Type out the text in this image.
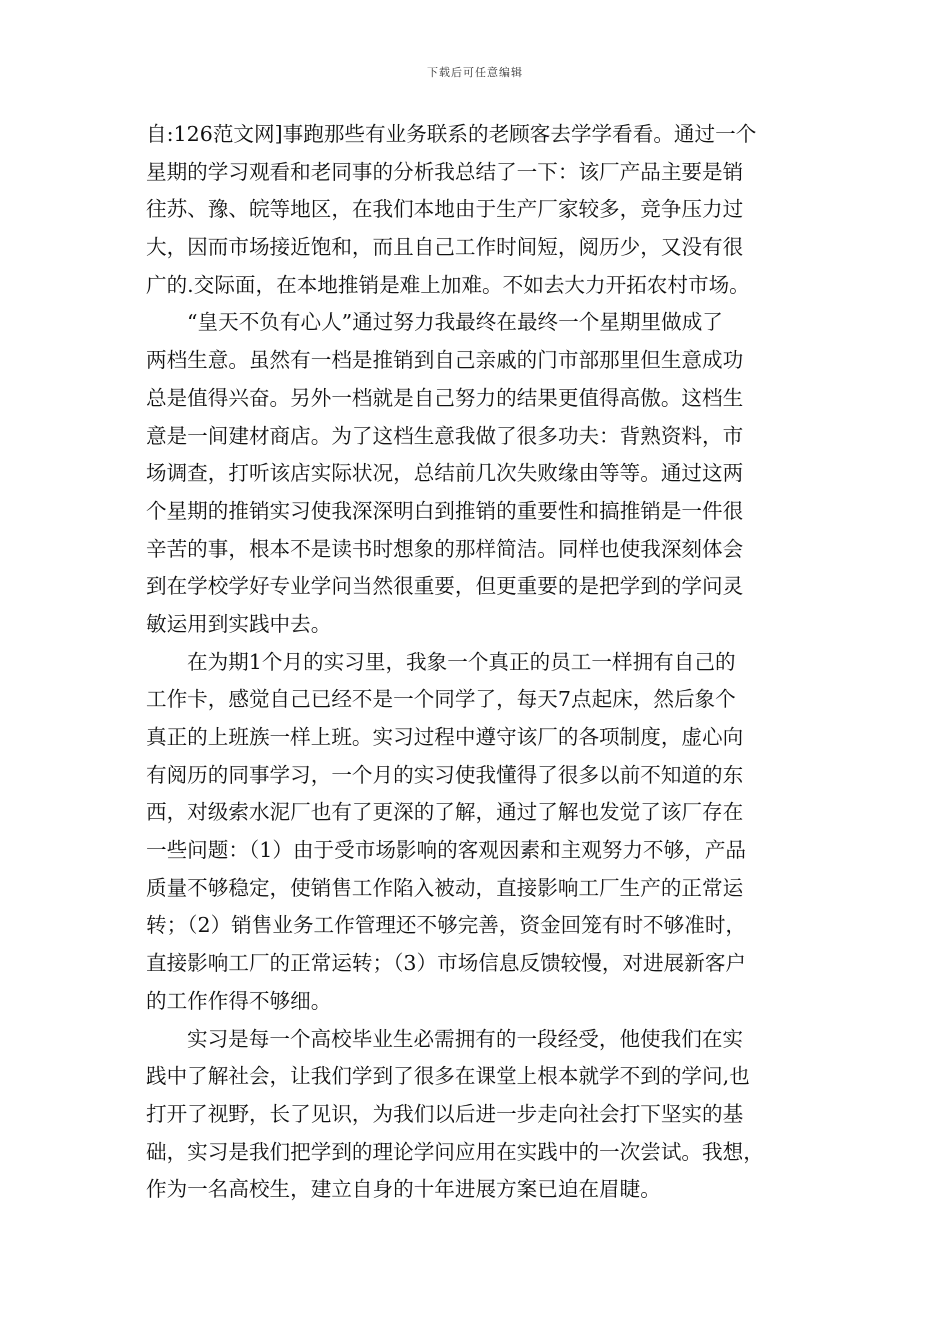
下载后可任意编辑
自:126范文网]事跑那些有业务联系的老顾客去学学看看。通过一个
星期的学习观看和老同事的分析我总结了一下：该厂产品主要是销
往苏、豫、皖等地区，在我们本地由于生产厂家较多，竞争压力过
大，因而市场接近饱和，而且自己工作时间短，阅历少，又没有很
广的.交际面，在本地推销是难上加难。不如去大力开拓农村市场。
“皇天不负有心人”通过努力我最终在最终一个星期里做成了
两档生意。虽然有一档是推销到自己亲戚的门市部那里但生意成功
总是值得兴奋。另外一档就是自己努力的结果更值得高傲。这档生
意是一间建材商店。为了这档生意我做了很多功夫：背熟资料，市
场调查，打听该店实际状况，总结前几次失败缘由等等。通过这两
个星期的推销实习使我深深明白到推销的重要性和搞推销是一件很
辛苦的事，根本不是读书时想象的那样简洁。同样也使我深刻体会
到在学校学好专业学问当然很重要，但更重要的是把学到的学问灵
敏运用到实践中去。
在为期1个月的实习里，我象一个真正的员工一样拥有自己的
工作卡，感觉自己已经不是一个同学了，每天7点起床，然后象个
真正的上班族一样上班。实习过程中遵守该厂的各项制度，虚心向
有阅历的同事学习，一个月的实习使我懂得了很多以前不知道的东
西，对级索水泥厂也有了更深的了解，通过了解也发觉了该厂存在
一些问题：（1）由于受市场影响的客观因素和主观努力不够，产品
质量不够稳定，使销售工作陷入被动，直接影响工厂生产的正常运
转；（2）销售业务工作管理还不够完善，资金回笼有时不够准时，
直接影响工厂的正常运转；（3）市场信息反馈较慢，对进展新客户
的工作作得不够细。
实习是每一个高校毕业生必需拥有的一段经受，他使我们在实
践中了解社会，让我们学到了很多在课堂上根本就学不到的学问,也
打开了视野，长了见识，为我们以后进一步走向社会打下坚实的基
础，实习是我们把学到的理论学问应用在实践中的一次尝试。我想，
作为一名高校生，建立自身的十年进展方案已迫在眉睫。
